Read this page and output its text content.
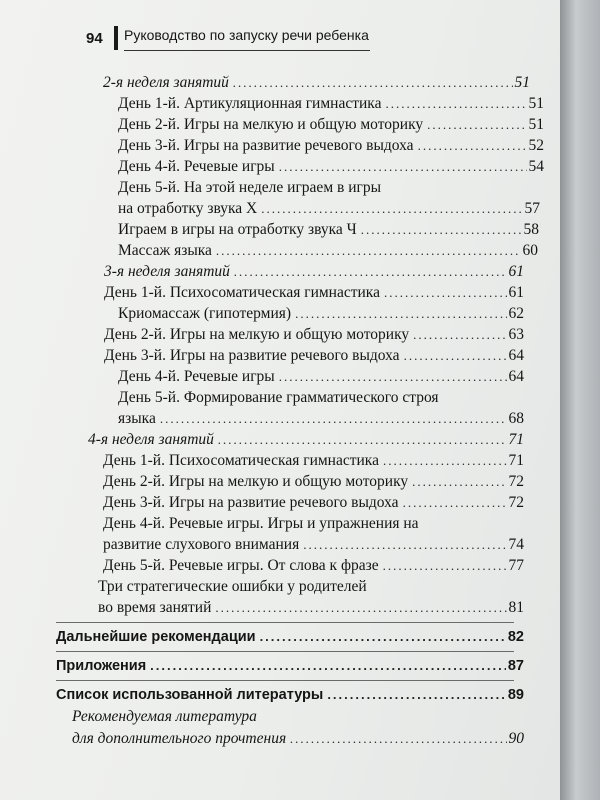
94 Руководство по запуску речи ребенка
2-я неделя занятий .....	51
День 1-й. Артикуляционная гимнастика .....	51
День 2-й. Игры на мелкую и общую моторику .....	51
День 3-й. Игры на развитие речевого выдоха .....	52
День 4-й. Речевые игры .....	54
День 5-й. На этой неделе играем в игры
на отработку звука Х .....	57
Играем в игры на отработку звука Ч .....	58
Массаж языка .....	60
3-я неделя занятий .....	61
День 1-й. Психосоматическая гимнастика .....	61
Криомассаж (гипотермия) .....	62
День 2-й. Игры на мелкую и общую моторику .....	63
День 3-й. Игры на развитие речевого выдоха .....	64
День 4-й. Речевые игры .....	64
День 5-й. Формирование грамматического строя
языка .....	68
4-я неделя занятий .....	71
День 1-й. Психосоматическая гимнастика .....	71
День 2-й. Игры на мелкую и общую моторику .....	72
День 3-й. Игры на развитие речевого выдоха .....	72
День 4-й. Речевые игры. Игры и упражнения на
развитие слухового внимания .....	74
День 5-й. Речевые игры. От слова к фразе .....	77
Три стратегические ошибки у родителей
во время занятий .....	81
Дальнейшие рекомендации .....	82
Приложения .....	87
Список использованной литературы .....	89
Рекомендуемая литература
для дополнительного прочтения .....	90
